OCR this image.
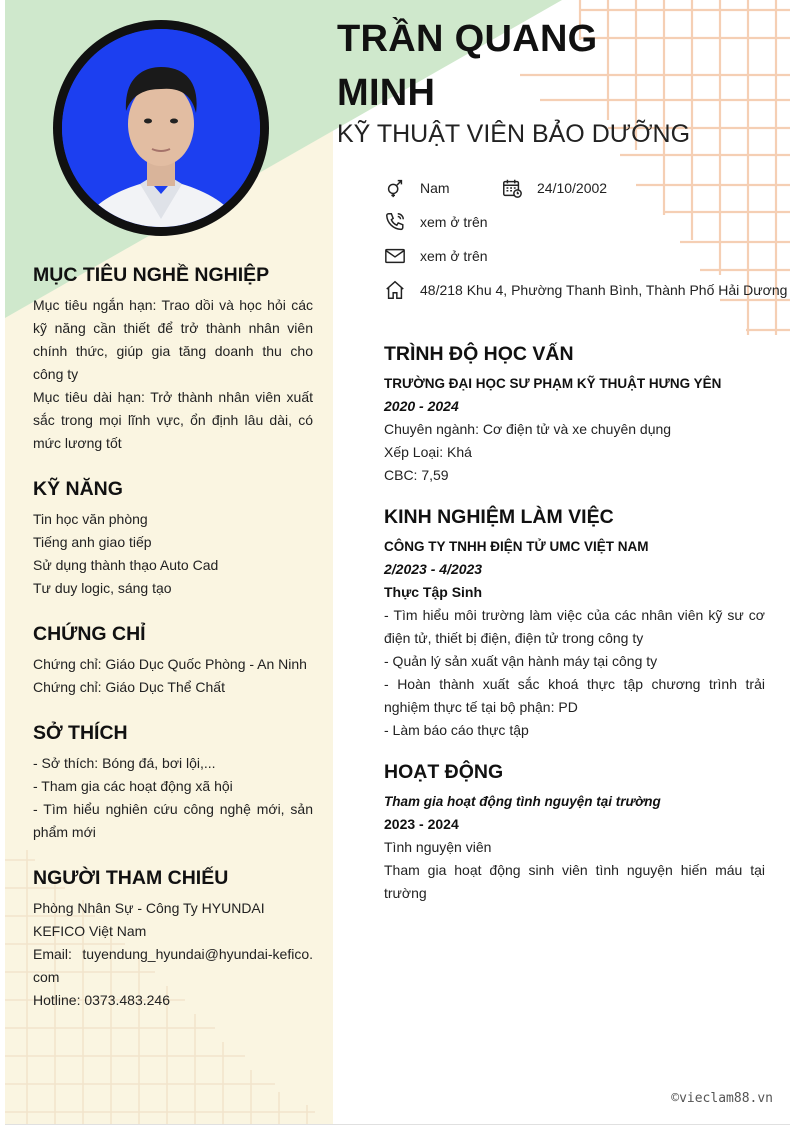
TRẦN QUANG
MINH
KỸ THUẬT VIÊN BẢO DƯỠNG
Nam	24/10/2002
xem ở trên
xem ở trên
48/218 Khu 4, Phường Thanh Bình, Thành Phố Hải Dương
MỤC TIÊU NGHỀ NGHIỆP

Mục tiêu ngắn hạn: Trao dồi và học hỏi các kỹ năng cần thiết để trở thành nhân viên chính thức, giúp gia tăng doanh thu cho công ty

Mục tiêu dài hạn: Trở thành nhân viên xuất sắc trong mọi lĩnh vực, ổn định lâu dài, có mức lương tốt

KỸ NĂNG
Tin học văn phòng
Tiếng anh giao tiếp
Sử dụng thành thạo Auto Cad
Tư duy logic, sáng tạo
CHỨNG CHỈ
Chứng chỉ: Giáo Dục Quốc Phòng - An Ninh
Chứng chỉ: Giáo Dục Thể Chất
SỞ THÍCH
- Sở thích: Bóng đá, bơi lội,...
- Tham gia các hoạt động xã hội
- Tìm hiểu nghiên cứu công nghệ mới, sản phẩm mới
NGƯỜI THAM CHIẾU
Phòng Nhân Sự - Công Ty HYUNDAI KEFICO Việt Nam
Email: tuyendung_hyundai@hyundai-kefico.com
Hotline: 0373.483.246
TRÌNH ĐỘ HỌC VẤN
TRƯỜNG ĐẠI HỌC SƯ PHẠM KỸ THUẬT HƯNG YÊN
2020 - 2024
Chuyên ngành: Cơ điện tử và xe chuyên dụng
Xếp Loại: Khá
CBC: 7,59
KINH NGHIỆM LÀM VIỆC
CÔNG TY TNHH ĐIỆN TỬ UMC VIỆT NAM
2/2023 - 4/2023
Thực Tập Sinh
- Tìm hiểu môi trường làm việc của các nhân viên kỹ sư cơ điện tử, thiết bị điện, điện tử trong công ty
- Quản lý sản xuất vận hành máy tại công ty
- Hoàn thành xuất sắc khoá thực tập chương trình trải nghiệm thực tế tại bộ phận: PD
- Làm báo cáo thực tập
HOẠT ĐỘNG
Tham gia hoạt động tình nguyện tại trường
2023 - 2024
Tình nguyện viên
Tham gia hoạt động sinh viên tình nguyện hiến máu tại trường
©vieclam88.vn
